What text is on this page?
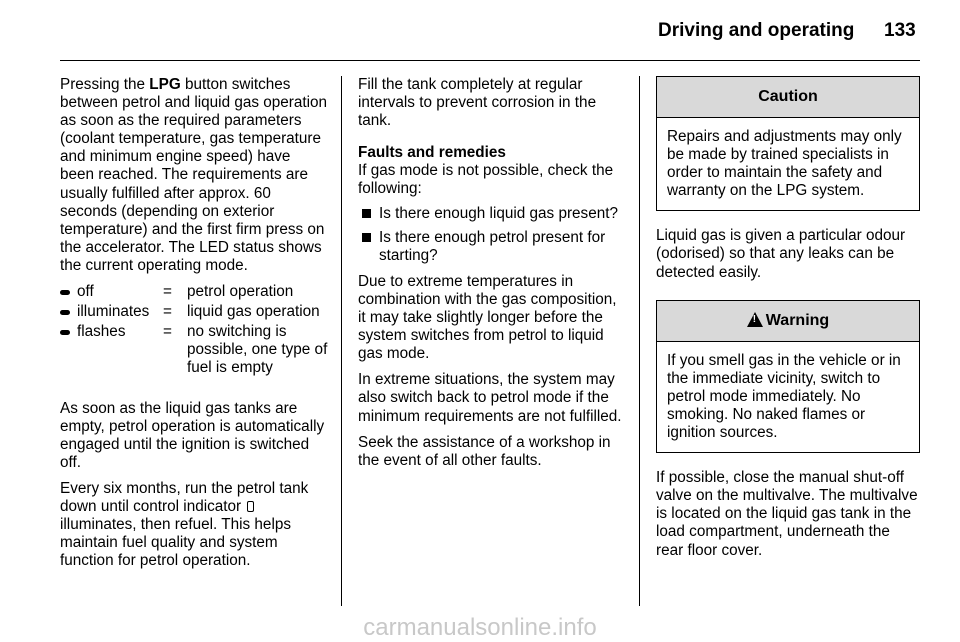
Driving and operating 133

Pressing the LPG button switches between petrol and liquid gas operation as soon as the required parameters (coolant temperature, gas temperature and minimum engine speed) have been reached. The requirements are usually fulfilled after approx. 60 seconds (depending on exterior temperature) and the first firm press on the accelerator. The LED status shows the current operating mode.

off	= petrol operation
illuminates = liquid gas operation
flashes	= no switching is possible, one type of fuel is empty

As soon as the liquid gas tanks are empty, petrol operation is automatically engaged until the ignition is switched off.

Every six months, run the petrol tank down until control indicator  illuminates, then refuel. This helps maintain fuel quality and system function for petrol operation.

Fill the tank completely at regular intervals to prevent corrosion in the tank.

Faults and remedies
If gas mode is not possible, check the following:
Is there enough liquid gas present?
Is there enough petrol present for starting?

Due to extreme temperatures in combination with the gas composition, it may take slightly longer before the system switches from petrol to liquid gas mode.

In extreme situations, the system may also switch back to petrol mode if the minimum requirements are not fulfilled.

Seek the assistance of a workshop in the event of all other faults.

Caution
Repairs and adjustments may only be made by trained specialists in order to maintain the safety and warranty on the LPG system.

Liquid gas is given a particular odour (odorised) so that any leaks can be detected easily.

!Warning
If you smell gas in the vehicle or in the immediate vicinity, switch to petrol mode immediately. No smoking. No naked flames or ignition sources.

If possible, close the manual shut-off valve on the multivalve. The multivalve is located on the liquid gas tank in the load compartment, underneath the rear floor cover.

carmanualsonline.info
